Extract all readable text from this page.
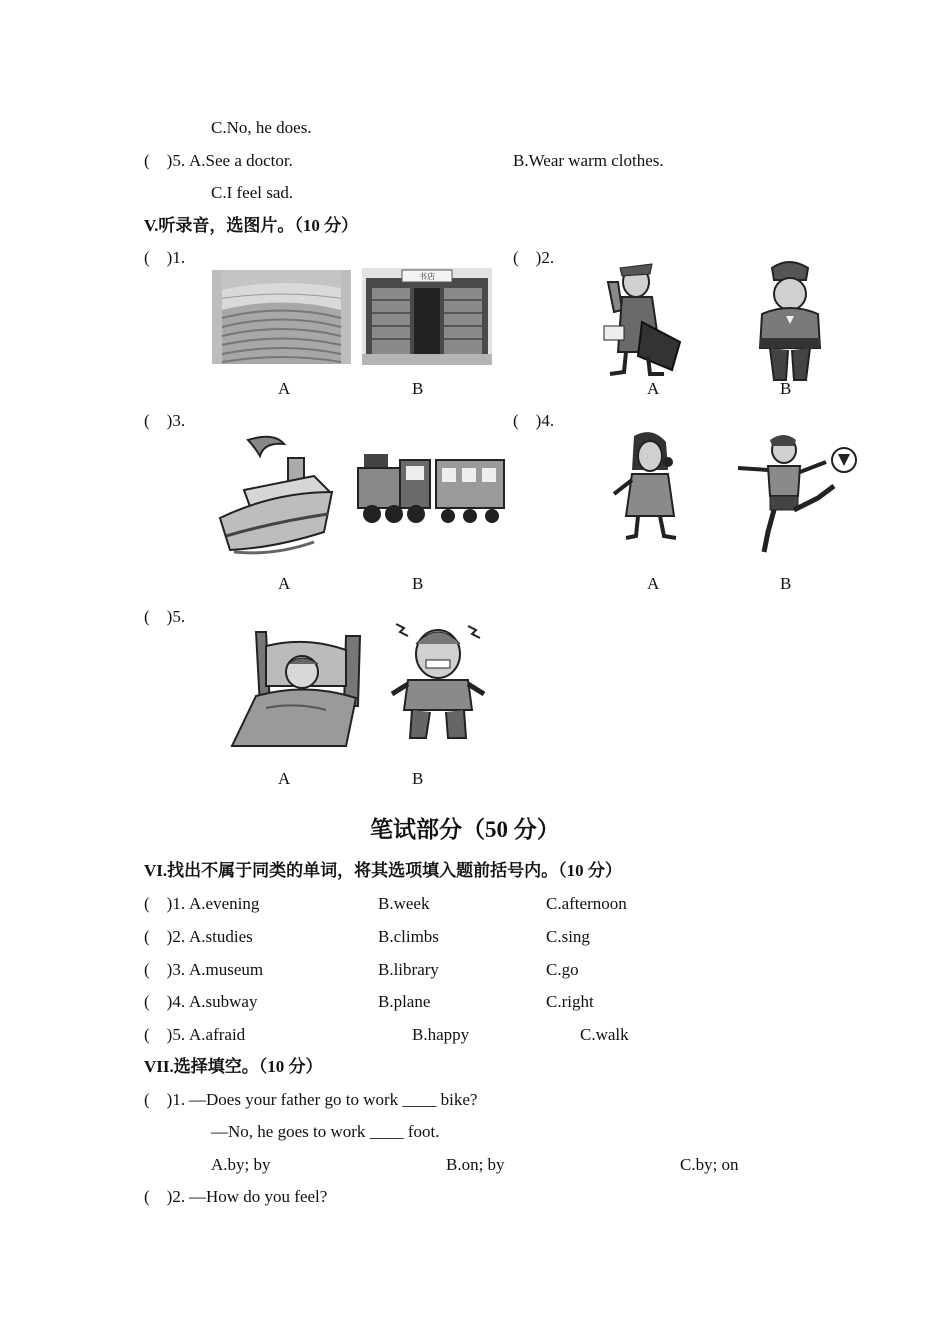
C.No, he does.
(　)5. A.See a doctor.	B.Wear warm clothes.
C.I feel sad.
V.听录音，选图片。（10 分）
(　)1.
书店
A	B
(　)2.
A	B
(　)3.
A	B
(　)4.
A	B
(　)5.
A	B
笔试部分（50 分）
VI.找出不属于同类的单词，将其选项填入题前括号内。（10 分）
(　)1. A.evening	B.week	C.afternoon
(　)2. A.studies	B.climbs	C.sing
(　)3. A.museum	B.library	C.go
(　)4. A.subway	B.plane	C.right
(　)5. A.afraid	B.happy	C.walk
VII.选择填空。（10 分）
(　)1. —Does your father go to work ____ bike?
—No, he goes to work ____ foot.
A.by; by	B.on; by	C.by; on
(　)2. —How do you feel?
